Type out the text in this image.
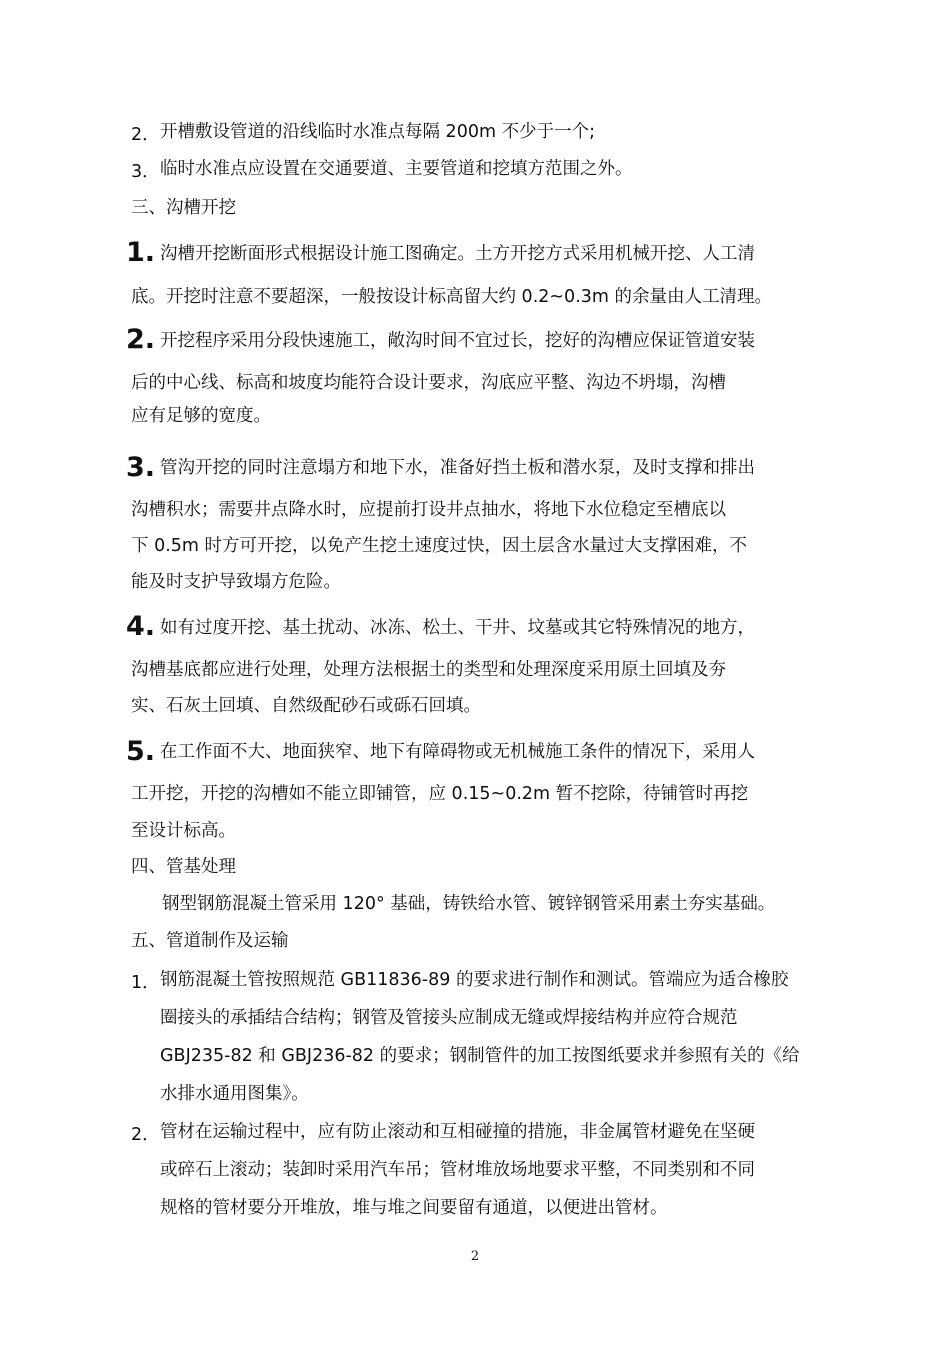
2． 开槽敷设管道的沿线临时水准点每隔 200m 不少于一个;
3． 临时水准点应设置在交通要道、主要管道和挖填方范围之外。
三、沟槽开挖
1. 沟槽开挖断面形式根据设计施工图确定。土方开挖方式采用机械开挖、人工清
底。开挖时注意不要超深，一般按设计标高留大约 0.2~0.3m 的余量由人工清理。
2. 开挖程序采用分段快速施工，敞沟时间不宜过长，挖好的沟槽应保证管道安装
后的中心线、标高和坡度均能符合设计要求，沟底应平整、沟边不坍塌，沟槽
应有足够的宽度。
3. 管沟开挖的同时注意塌方和地下水，准备好挡土板和潜水泵，及时支撑和排出
沟槽积水；需要井点降水时，应提前打设井点抽水，将地下水位稳定至槽底以
下 0.5m 时方可开挖，以免产生挖土速度过快，因土层含水量过大支撑困难，不
能及时支护导致塌方危险。
4. 如有过度开挖、基土扰动、冰冻、松土、干井、坟墓或其它特殊情况的地方，
沟槽基底都应进行处理，处理方法根据土的类型和处理深度采用原土回填及夯
实、石灰土回填、自然级配砂石或砾石回填。
5. 在工作面不大、地面狭窄、地下有障碍物或无机械施工条件的情况下，采用人
工开挖，开挖的沟槽如不能立即铺管，应 0.15~0.2m 暂不挖除，待铺管时再挖
至设计标高。
四、管基处理
钢型钢筋混凝土管采用 120° 基础，铸铁给水管、镀锌钢管采用素土夯实基础。
五、管道制作及运输
1． 钢筋混凝土管按照规范 GB11836-89 的要求进行制作和测试。管端应为适合橡胶
圈接头的承插结合结构；钢管及管接头应制成无缝或焊接结构并应符合规范
GBJ235-82 和 GBJ236-82 的要求；钢制管件的加工按图纸要求并参照有关的《给
水排水通用图集》。
2． 管材在运输过程中，应有防止滚动和互相碰撞的措施，非金属管材避免在坚硬
或碎石上滚动；装卸时采用汽车吊；管材堆放场地要求平整，不同类别和不同
规格的管材要分开堆放，堆与堆之间要留有通道，以便进出管材。
2
